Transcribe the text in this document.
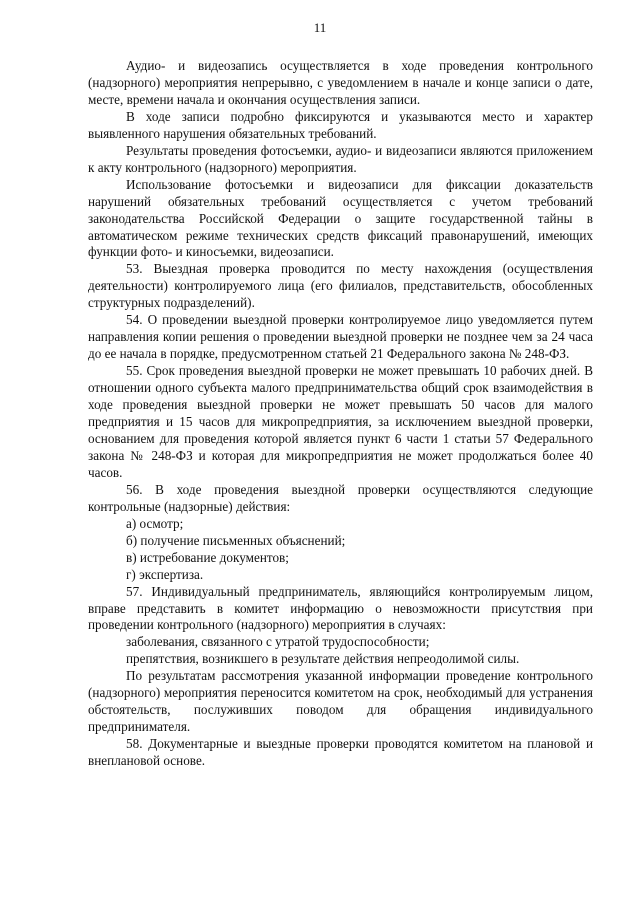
11

Аудио- и видеозапись осуществляется в ходе проведения контрольного (надзорного) мероприятия непрерывно, с уведомлением в начале и конце записи о дате, месте, времени начала и окончания осуществления записи.

В ходе записи подробно фиксируются и указываются место и характер выявленного нарушения обязательных требований.

Результаты проведения фотосъемки, аудио- и видеозаписи являются приложением к акту контрольного (надзорного) мероприятия.

Использование фотосъемки и видеозаписи для фиксации доказательств нарушений обязательных требований осуществляется с учетом требований законодательства Российской Федерации о защите государственной тайны в автоматическом режиме технических средств фиксаций правонарушений, имеющих функции фото- и киносъемки, видеозаписи.

53. Выездная проверка проводится по месту нахождения (осуществления деятельности) контролируемого лица (его филиалов, представительств, обособленных структурных подразделений).

54. О проведении выездной проверки контролируемое лицо уведомляется путем направления копии решения о проведении выездной проверки не позднее чем за 24 часа до ее начала в порядке, предусмотренном статьей 21 Федерального закона № 248-ФЗ.

55. Срок проведения выездной проверки не может превышать 10 рабочих дней. В отношении одного субъекта малого предпринимательства общий срок взаимодействия в ходе проведения выездной проверки не может превышать 50 часов для малого предприятия и 15 часов для микропредприятия, за исключением выездной проверки, основанием для проведения которой является пункт 6 части 1 статьи 57 Федерального закона № 248-ФЗ и которая для микропредприятия не может продолжаться более 40 часов.

56. В ходе проведения выездной проверки осуществляются следующие контрольные (надзорные) действия:

а) осмотр;

б) получение письменных объяснений;

в) истребование документов;

г) экспертиза.

57. Индивидуальный предприниматель, являющийся контролируемым лицом, вправе представить в комитет информацию о невозможности присутствия при проведении контрольного (надзорного) мероприятия в случаях:

заболевания, связанного с утратой трудоспособности;

препятствия, возникшего в результате действия непреодолимой силы.

По результатам рассмотрения указанной информации проведение контрольного (надзорного) мероприятия переносится комитетом на срок, необходимый для устранения обстоятельств, послуживших поводом для обращения индивидуального предпринимателя.

58. Документарные и выездные проверки проводятся комитетом на плановой и внеплановой основе.
